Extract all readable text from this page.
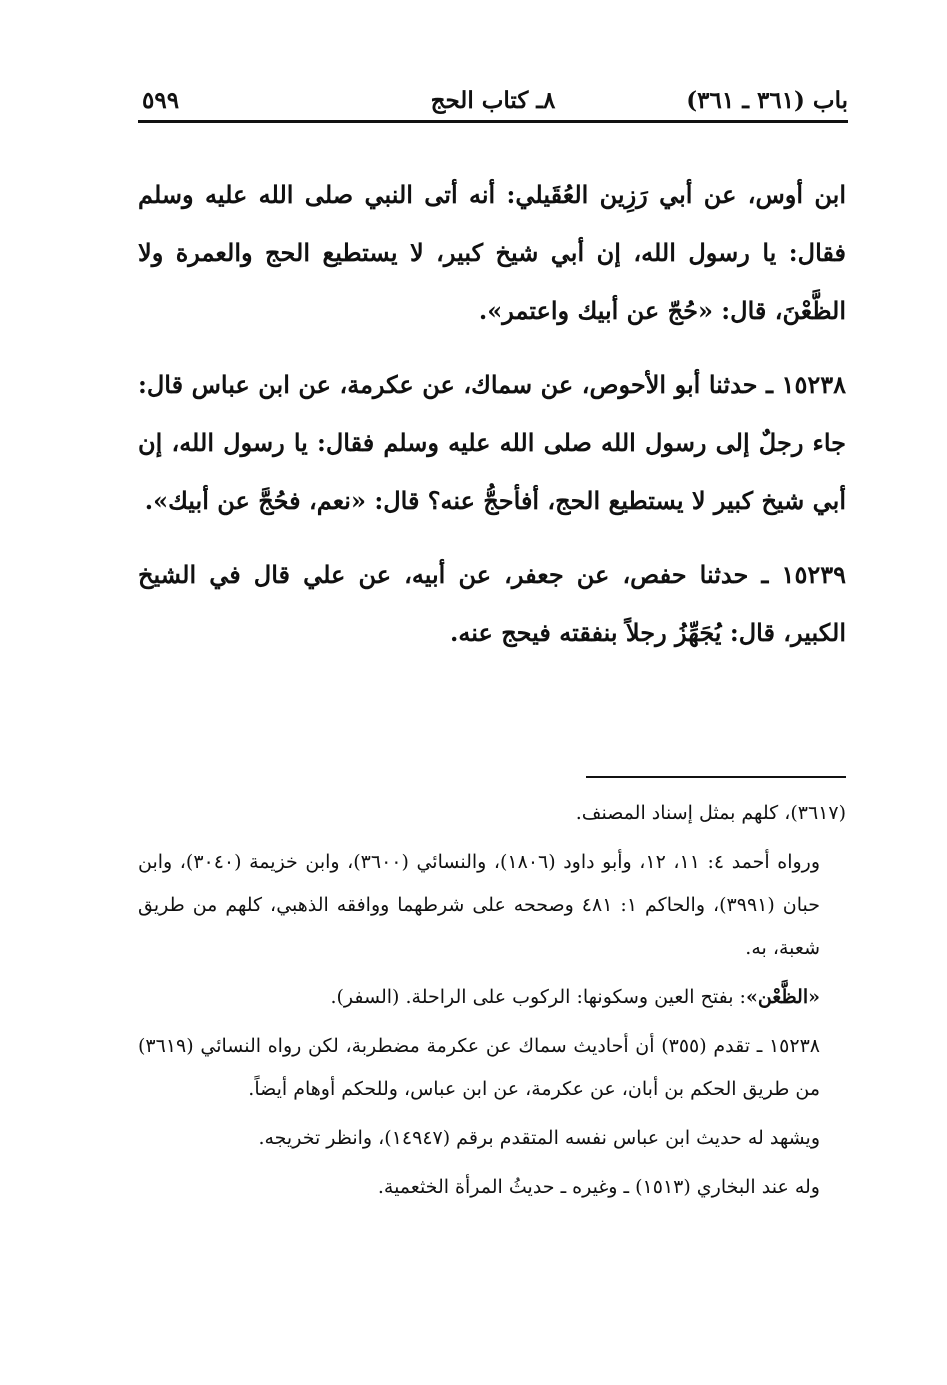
باب (٣٦١ ـ ٣٦١)
٨ـ كتاب الحج
٥٩٩

ابن أوس، عن أبي رَزِين العُقَيلي: أنه أتى النبي صلى الله عليه وسلم فقال: يا رسول الله، إن أبي شيخ كبير، لا يستطيع الحج والعمرة ولا الظَّعْنَ، قال: «حُجّ عن أبيك واعتمر».

١٥٢٣٨ ـ حدثنا أبو الأحوص، عن سماك، عن عكرمة، عن ابن عباس قال: جاء رجلٌ إلى رسول الله صلى الله عليه وسلم فقال: يا رسول الله، إن أبي شيخ كبير لا يستطيع الحج، أفأحجُّ عنه؟ قال: «نعم، فحُجَّ عن أبيك».

١٥٢٣٩ ـ حدثنا حفص، عن جعفر، عن أبيه، عن علي قال في الشيخ الكبير، قال: يُجَهِّزُ رجلاً بنفقته فيحج عنه.

(٣٦١٧)، كلهم بمثل إسناد المصنف.

ورواه أحمد ٤: ١١، ١٢، وأبو داود (١٨٠٦)، والنسائي (٣٦٠٠)، وابن خزيمة (٣٠٤٠)، وابن حبان (٣٩٩١)، والحاكم ١: ٤٨١ وصححه على شرطهما ووافقه الذهبي، كلهم من طريق شعبة، به.

«الظَّعْن»: بفتح العين وسكونها: الركوب على الراحلة. (السفر).

١٥٢٣٨ ـ تقدم (٣٥٥) أن أحاديث سماك عن عكرمة مضطربة، لكن رواه النسائي (٣٦١٩) من طريق الحكم بن أبان، عن عكرمة، عن ابن عباس، وللحكم أوهام أيضاً.

ويشهد له حديث ابن عباس نفسه المتقدم برقم (١٤٩٤٧)، وانظر تخريجه.

وله عند البخاري (١٥١٣) ـ وغيره ـ حديثُ المرأة الخثعمية.
